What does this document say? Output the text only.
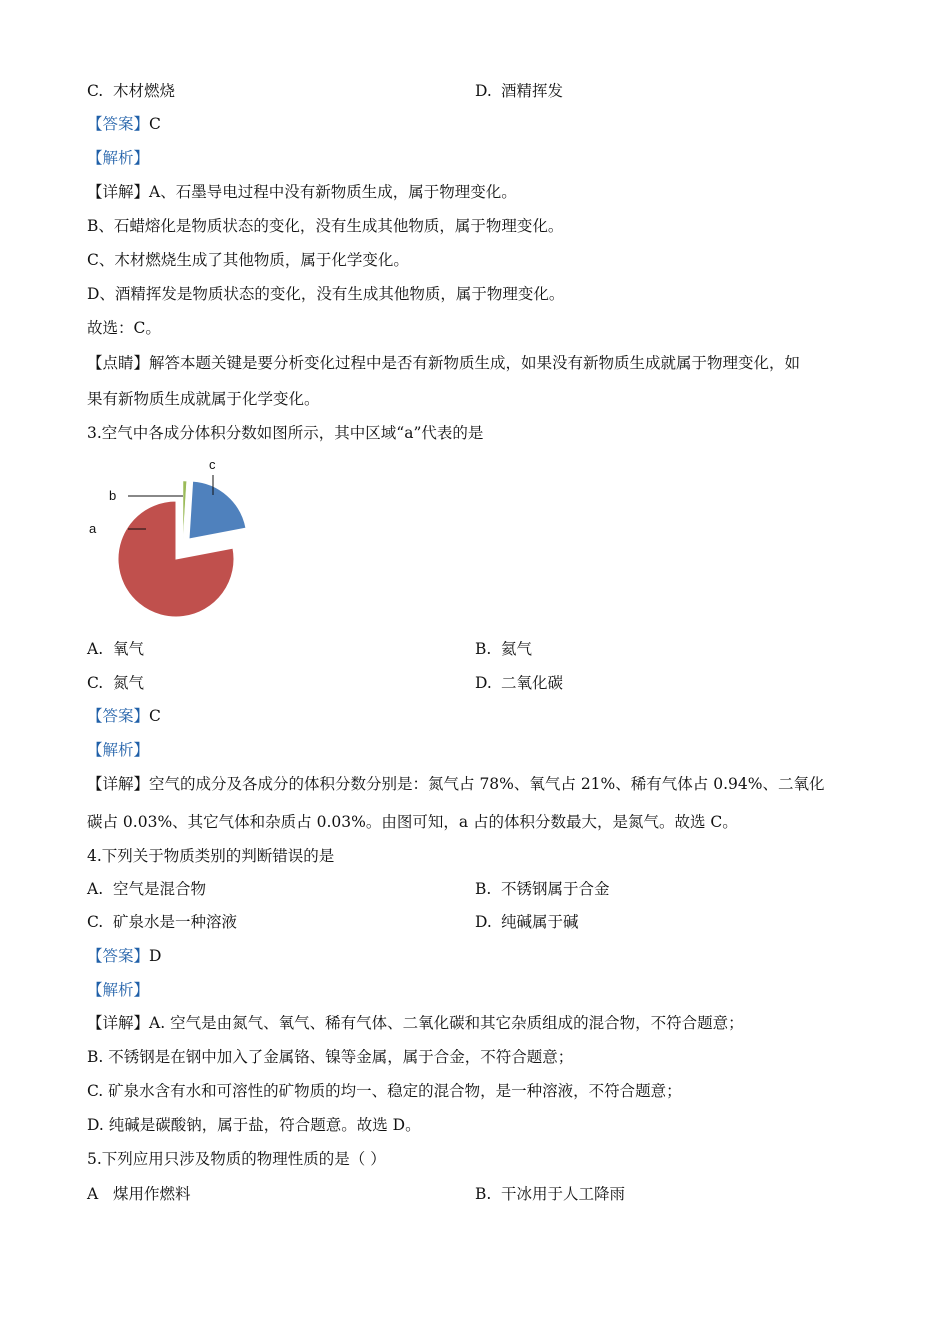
C. 木材燃烧	D. 酒精挥发
【答案】C
【解析】
【详解】A、石墨导电过程中没有新物质生成，属于物理变化。
B、石蜡熔化是物质状态的变化，没有生成其他物质，属于物理变化。
C、木材燃烧生成了其他物质，属于化学变化。
D、酒精挥发是物质状态的变化，没有生成其他物质，属于物理变化。
故选：C。
【点睛】解答本题关键是要分析变化过程中是否有新物质生成，如果没有新物质生成就属于物理变化，如
果有新物质生成就属于化学变化。
3.空气中各成分体积分数如图所示，其中区域“a”代表的是
a
b
c
A. 氧气	B. 氦气
C. 氮气	D. 二氧化碳
【答案】C
【解析】
【详解】空气的成分及各成分的体积分数分别是：氮气占 78%、氧气占 21%、稀有气体占 0.94%、二氧化
碳占 0.03%、其它气体和杂质占 0.03%。由图可知，a 占的体积分数最大，是氮气。故选 C。
4.下列关于物质类别的判断错误的是
A. 空气是混合物	B. 不锈钢属于合金
C. 矿泉水是一种溶液	D. 纯碱属于碱
【答案】D
【解析】
【详解】A. 空气是由氮气、氧气、稀有气体、二氧化碳和其它杂质组成的混合物，不符合题意；
B. 不锈钢是在钢中加入了金属铬、镍等金属，属于合金，不符合题意；
C. 矿泉水含有水和可溶性的矿物质的均一、稳定的混合物，是一种溶液，不符合题意；
D. 纯碱是碳酸钠，属于盐，符合题意。故选 D。
5.下列应用只涉及物质的物理性质的是（ ）
A 煤用作燃料	B. 干冰用于人工降雨
